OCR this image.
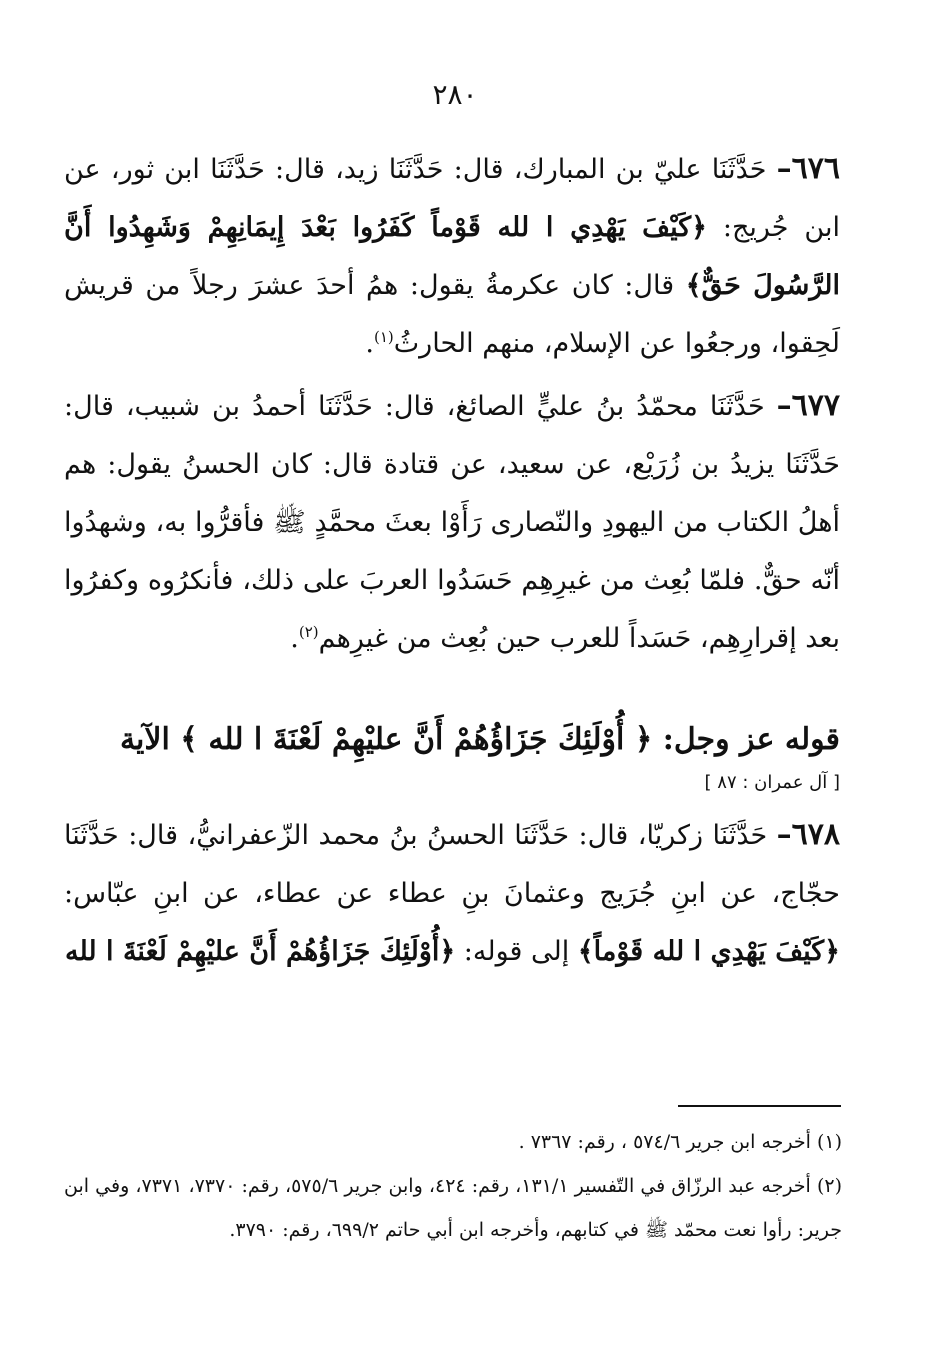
٢٨٠

٦٧٦– حَدَّثَنَا عليّ بن المبارك، قال: حَدَّثَنَا زيد، قال: حَدَّثَنَا ابن ثور، عن ابن جُريج: ﴿كَيْفَ يَهْدِي ا لله قَوْماً كَفَرُوا بَعْدَ إِيمَانِهِمْ وَشَهِدُوا أَنَّ الرَّسُولَ حَقٌّ﴾ قال: كان عكرمةُ يقول: همُ أحدَ عشرَ رجلاً من قريش لَحِقوا، ورجعُوا عن الإسلام، منهم الحارثُ$^{(١)}$.

٦٧٧– حَدَّثَنَا محمّدُ بنُ عليٍّ الصائغ، قال: حَدَّثَنَا أحمدُ بن شبيب، قال: حَدَّثَنَا يزيدُ بن زُرَيْع، عن سعيد، عن قتادة قال: كان الحسنُ يقول: هم أهلُ الكتاب من اليهودِ والنّصارى رَأَوْا بعثَ محمَّدٍ ﷺ فأقرُّوا به، وشهدُوا أنّه حقٌّ. فلمّا بُعِث من غيرِهِم حَسَدُوا العربَ على ذلك، فأنكرُوه وكفرُوا بعد إقرارِهِم، حَسَداً للعرب حين بُعِث من غيرِهم$^{(٢)}$.

قوله عز وجل: ﴿ أُوْلَئِكَ جَزَاؤُهُمْ أَنَّ عليْهِمْ لَعْنَةَ ا لله ﴾ الآية

[ آل عمران : ٨٧ ]

٦٧٨– حَدَّثَنَا زكريّا، قال: حَدَّثَنَا الحسنُ بنُ محمد الزّعفرانيُّ، قال: حَدَّثَنَا حجّاج، عن ابنِ جُرَيج وعثمانَ بنِ عطاء عن عطاء، عن ابنِ عبّاس: ﴿كَيْفَ يَهْدِي ا لله قَوْماً﴾ إلى قوله: ﴿أُوْلَئِكَ جَزَاؤُهُمْ أَنَّ عليْهِمْ لَعْنَةَ ا لله

(١) أخرجه ابن جرير ٥٧٤/٦ ، رقم: ٧٣٦٧ .

(٢) أخرجه عبد الرزّاق في التّفسير ١٣١/١، رقم: ٤٢٤، وابن جرير ٥٧٥/٦، رقم: ٧٣٧٠، ٧٣٧١، وفي ابن جرير: رأوا نعت محمّد ﷺ في كتابهم، وأخرجه ابن أبي حاتم ٦٩٩/٢، رقم: ٣٧٩٠.
